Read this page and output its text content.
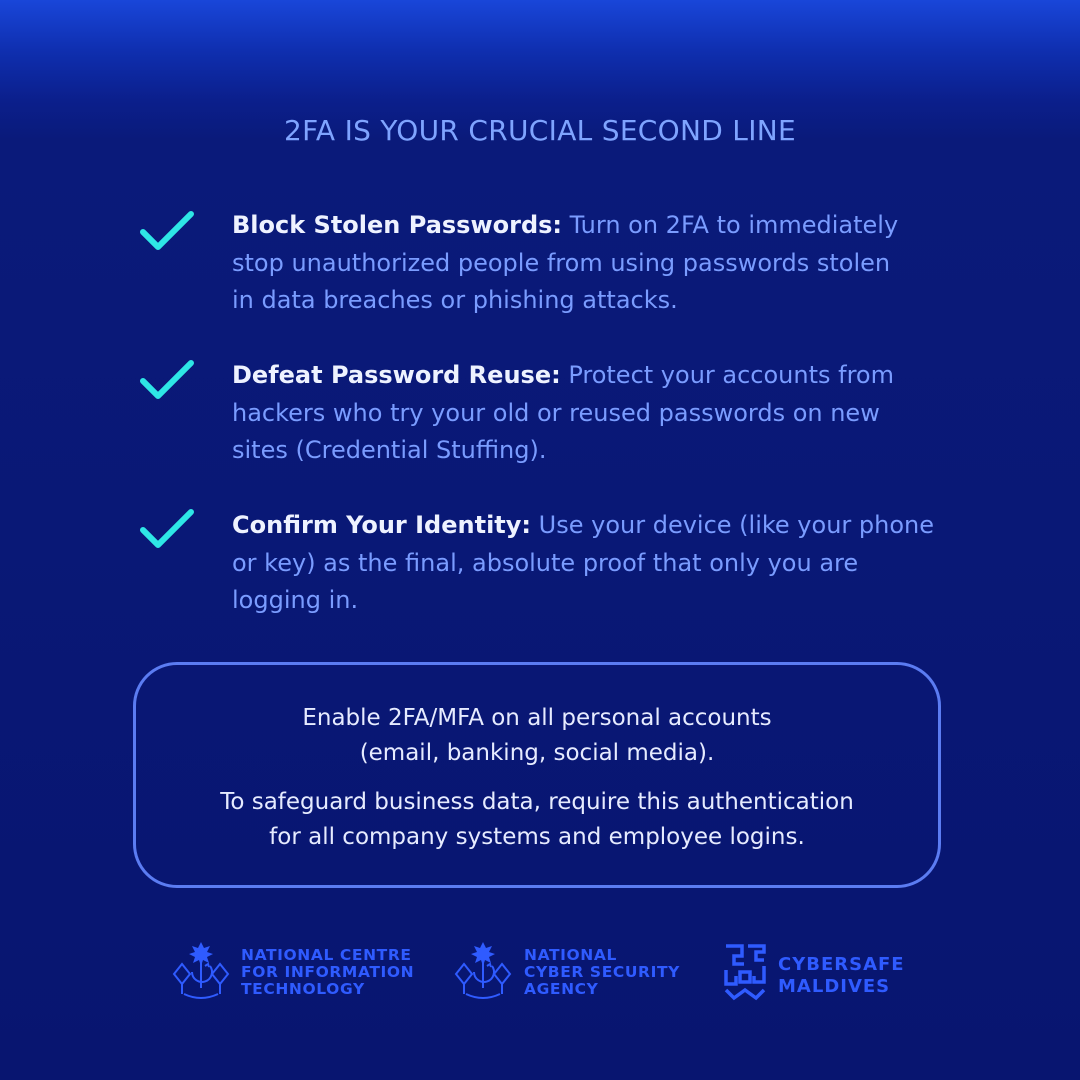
2FA IS YOUR CRUCIAL SECOND LINE
Block Stolen Passwords: Turn on 2FA to immediately
stop unauthorized people from using passwords stolen
in data breaches or phishing attacks.
Defeat Password Reuse: Protect your accounts from
hackers who try your old or reused passwords on new
sites (Credential Stuffing).
Confirm Your Identity: Use your device (like your phone
or key) as the final, absolute proof that only you are
logging in.

Enable 2FA/MFA on all personal accounts
(email, banking, social media).

To safeguard business data, require this authentication
for all company systems and employee logins.

NATIONAL CENTRE
FOR INFORMATION
TECHNOLOGY
NATIONAL
CYBER SECURITY
AGENCY
CYBERSAFE
MALDIVES
